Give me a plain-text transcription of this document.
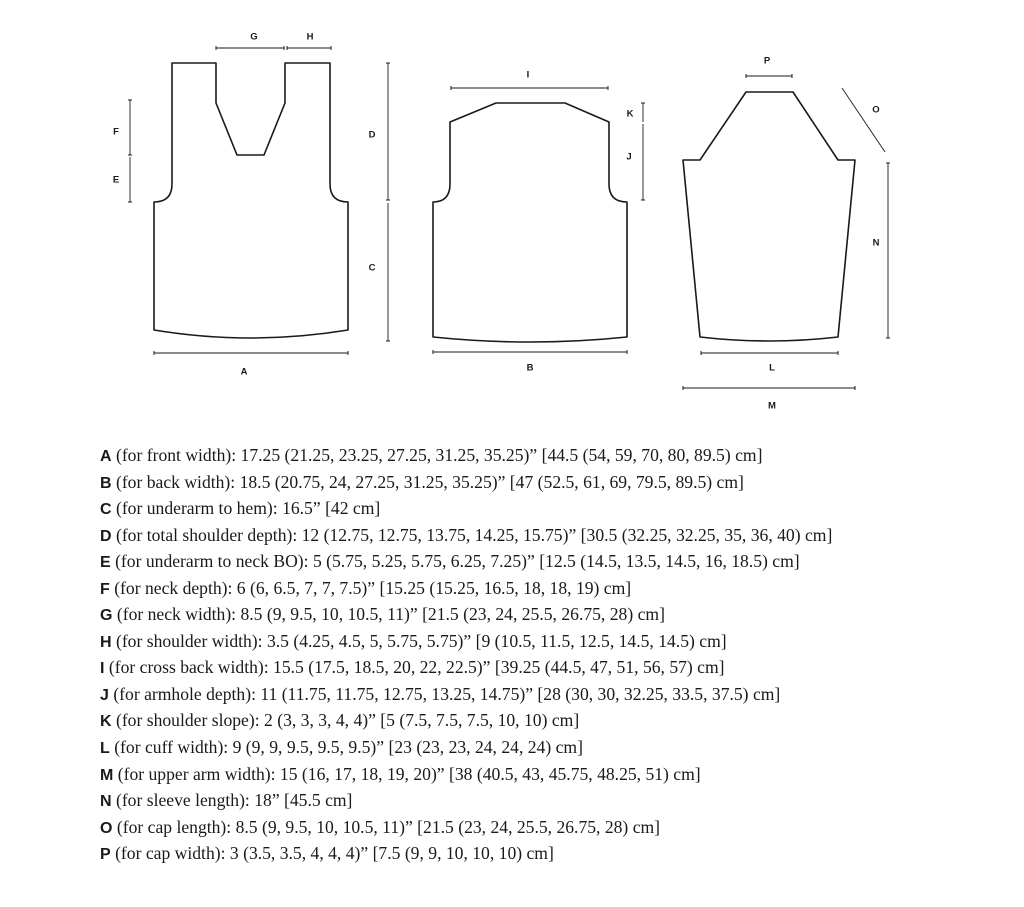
G	H
F
E
D
C
A
I
K
J
B
P
O
N
L
M
A (for front width): 17.25 (21.25, 23.25, 27.25, 31.25, 35.25)” [44.5 (54, 59, 70, 80, 89.5) cm]
B (for back width): 18.5 (20.75, 24, 27.25, 31.25, 35.25)” [47 (52.5, 61, 69, 79.5, 89.5) cm]
C (for underarm to hem): 16.5” [42 cm]
D (for total shoulder depth): 12 (12.75, 12.75, 13.75, 14.25, 15.75)” [30.5 (32.25, 32.25, 35, 36, 40) cm]
E (for underarm to neck BO): 5 (5.75, 5.25, 5.75, 6.25, 7.25)” [12.5 (14.5, 13.5, 14.5, 16, 18.5) cm]
F (for neck depth): 6 (6, 6.5, 7, 7, 7.5)” [15.25 (15.25, 16.5, 18, 18, 19) cm]
G (for neck width): 8.5 (9, 9.5, 10, 10.5, 11)” [21.5 (23, 24, 25.5, 26.75, 28) cm]
H (for shoulder width): 3.5 (4.25, 4.5, 5, 5.75, 5.75)” [9 (10.5, 11.5, 12.5, 14.5, 14.5) cm]
I (for cross back width): 15.5 (17.5, 18.5, 20, 22, 22.5)” [39.25 (44.5, 47, 51, 56, 57) cm]
J (for armhole depth): 11 (11.75, 11.75, 12.75, 13.25, 14.75)” [28 (30, 30, 32.25, 33.5, 37.5) cm]
K (for shoulder slope): 2 (3, 3, 3, 4, 4)” [5 (7.5, 7.5, 7.5, 10, 10) cm]
L (for cuff width): 9 (9, 9, 9.5, 9.5, 9.5)” [23 (23, 23, 24, 24, 24) cm]
M (for upper arm width): 15 (16, 17, 18, 19, 20)” [38 (40.5, 43, 45.75, 48.25, 51) cm]
N (for sleeve length): 18” [45.5 cm]
O (for cap length): 8.5 (9, 9.5, 10, 10.5, 11)” [21.5 (23, 24, 25.5, 26.75, 28) cm]
P (for cap width): 3 (3.5, 3.5, 4, 4, 4)” [7.5 (9, 9, 10, 10, 10) cm]
